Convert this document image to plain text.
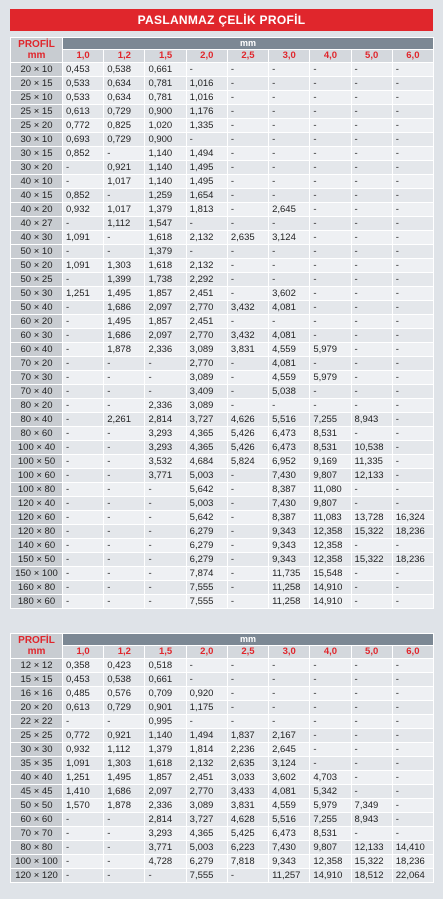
PASLANMAZ ÇELİK PROFİL
PROFİL
mm	mm								
	1,0	1,2	1,5	2,0	2,5	3,0	4,0	5,0	6,0
20 × 10	0,453	0,538	0,661	-	-	-	-	-	-
20 × 15	0,533	0,634	0,781	1,016	-	-	-	-	-
25 × 10	0,533	0,634	0,781	1,016	-	-	-	-	-
25 × 15	0,613	0,729	0,900	1,176	-	-	-	-	-
25 × 20	0,772	0,825	1,020	1,335	-	-	-	-	-
30 × 10	0,693	0,729	0,900	-	-	-	-	-	-
30 × 15	0,852	-	1,140	1,494	-	-	-	-	-
30 × 20	-	0,921	1,140	1,495	-	-	-	-	-
40 × 10	-	1,017	1,140	1,495	-	-	-	-	-
40 × 15	0,852	-	1,259	1,654	-	-	-	-	-
40 × 20	0,932	1,017	1,379	1,813	-	2,645	-	-	-
40 × 27	-	1,112	1,547	-	-	-	-	-	-
40 × 30	1,091	-	1,618	2,132	2,635	3,124	-	-	-
50 × 10	-	-	1,379	-	-	-	-	-	-
50 × 20	1,091	1,303	1,618	2,132	-	-	-	-	-
50 × 25	-	1,399	1,738	2,292	-	-	-	-	-
50 × 30	1,251	1,495	1,857	2,451	-	3,602	-	-	-
50 × 40	-	1,686	2,097	2,770	3,432	4,081	-	-	-
60 × 20	-	1,495	1,857	2,451	-	-	-	-	-
60 × 30	-	1,686	2,097	2,770	3,432	4,081	-	-	-
60 × 40	-	1,878	2,336	3,089	3,831	4,559	5,979	-	-
70 × 20	-	-	-	2,770	-	4,081	-	-	-
70 × 30	-	-	-	3,089	-	4,559	5,979	-	-
70 × 40	-	-	-	3,409	-	5,038	-	-	-
80 × 20	-	-	2,336	3,089	-	-	-	-	-
80 × 40	-	2,261	2,814	3,727	4,626	5,516	7,255	8,943	-
80 × 60	-	-	3,293	4,365	5,426	6,473	8,531	-	-
100 × 40	-	-	3,293	4,365	5,426	6,473	8,531	10,538	-
100 × 50	-	-	3,532	4,684	5,824	6,952	9,169	11,335	-
100 × 60	-	-	3,771	5,003	-	7,430	9,807	12,133	-
100 × 80	-	-	-	5,642	-	8,387	11,080	-	-
120 × 40	-	-	-	5,003	-	7,430	9,807	-	-
120 × 60	-	-	-	5,642	-	8,387	11,083	13,728	16,324
120 × 80	-	-	-	6,279	-	9,343	12,358	15,322	18,236
140 × 60	-	-	-	6,279	-	9,343	12,358	-	-
150 × 50	-	-	-	6,279	-	9,343	12,358	15,322	18,236
150 × 100	-	-	-	7,874	-	11,735	15,548	-	-
160 × 80	-	-	-	7,555	-	11,258	14,910	-	-
180 × 60	-	-	-	7,555	-	11,258	14,910	-	-
PROFİL
mm	mm								
	1,0	1,2	1,5	2,0	2,5	3,0	4,0	5,0	6,0
12 × 12	0,358	0,423	0,518	-	-	-	-	-	-
15 × 15	0,453	0,538	0,661	-	-	-	-	-	-
16 × 16	0,485	0,576	0,709	0,920	-	-	-	-	-
20 × 20	0,613	0,729	0,901	1,175	-	-	-	-	-
22 × 22	-	-	0,995	-	-	-	-	-	-
25 × 25	0,772	0,921	1,140	1,494	1,837	2,167	-	-	-
30 × 30	0,932	1,112	1,379	1,814	2,236	2,645	-	-	-
35 × 35	1,091	1,303	1,618	2,132	2,635	3,124	-	-	-
40 × 40	1,251	1,495	1,857	2,451	3,033	3,602	4,703	-	-
45 × 45	1,410	1,686	2,097	2,770	3,433	4,081	5,342	-	-
50 × 50	1,570	1,878	2,336	3,089	3,831	4,559	5,979	7,349	-
60 × 60	-	-	2,814	3,727	4,628	5,516	7,255	8,943	-
70 × 70	-	-	3,293	4,365	5,425	6,473	8,531	-	-
80 × 80	-	-	3,771	5,003	6,223	7,430	9,807	12,133	14,410
100 × 100	-	-	4,728	6,279	7,818	9,343	12,358	15,322	18,236
120 × 120	-	-	-	7,555	-	11,257	14,910	18,512	22,064
